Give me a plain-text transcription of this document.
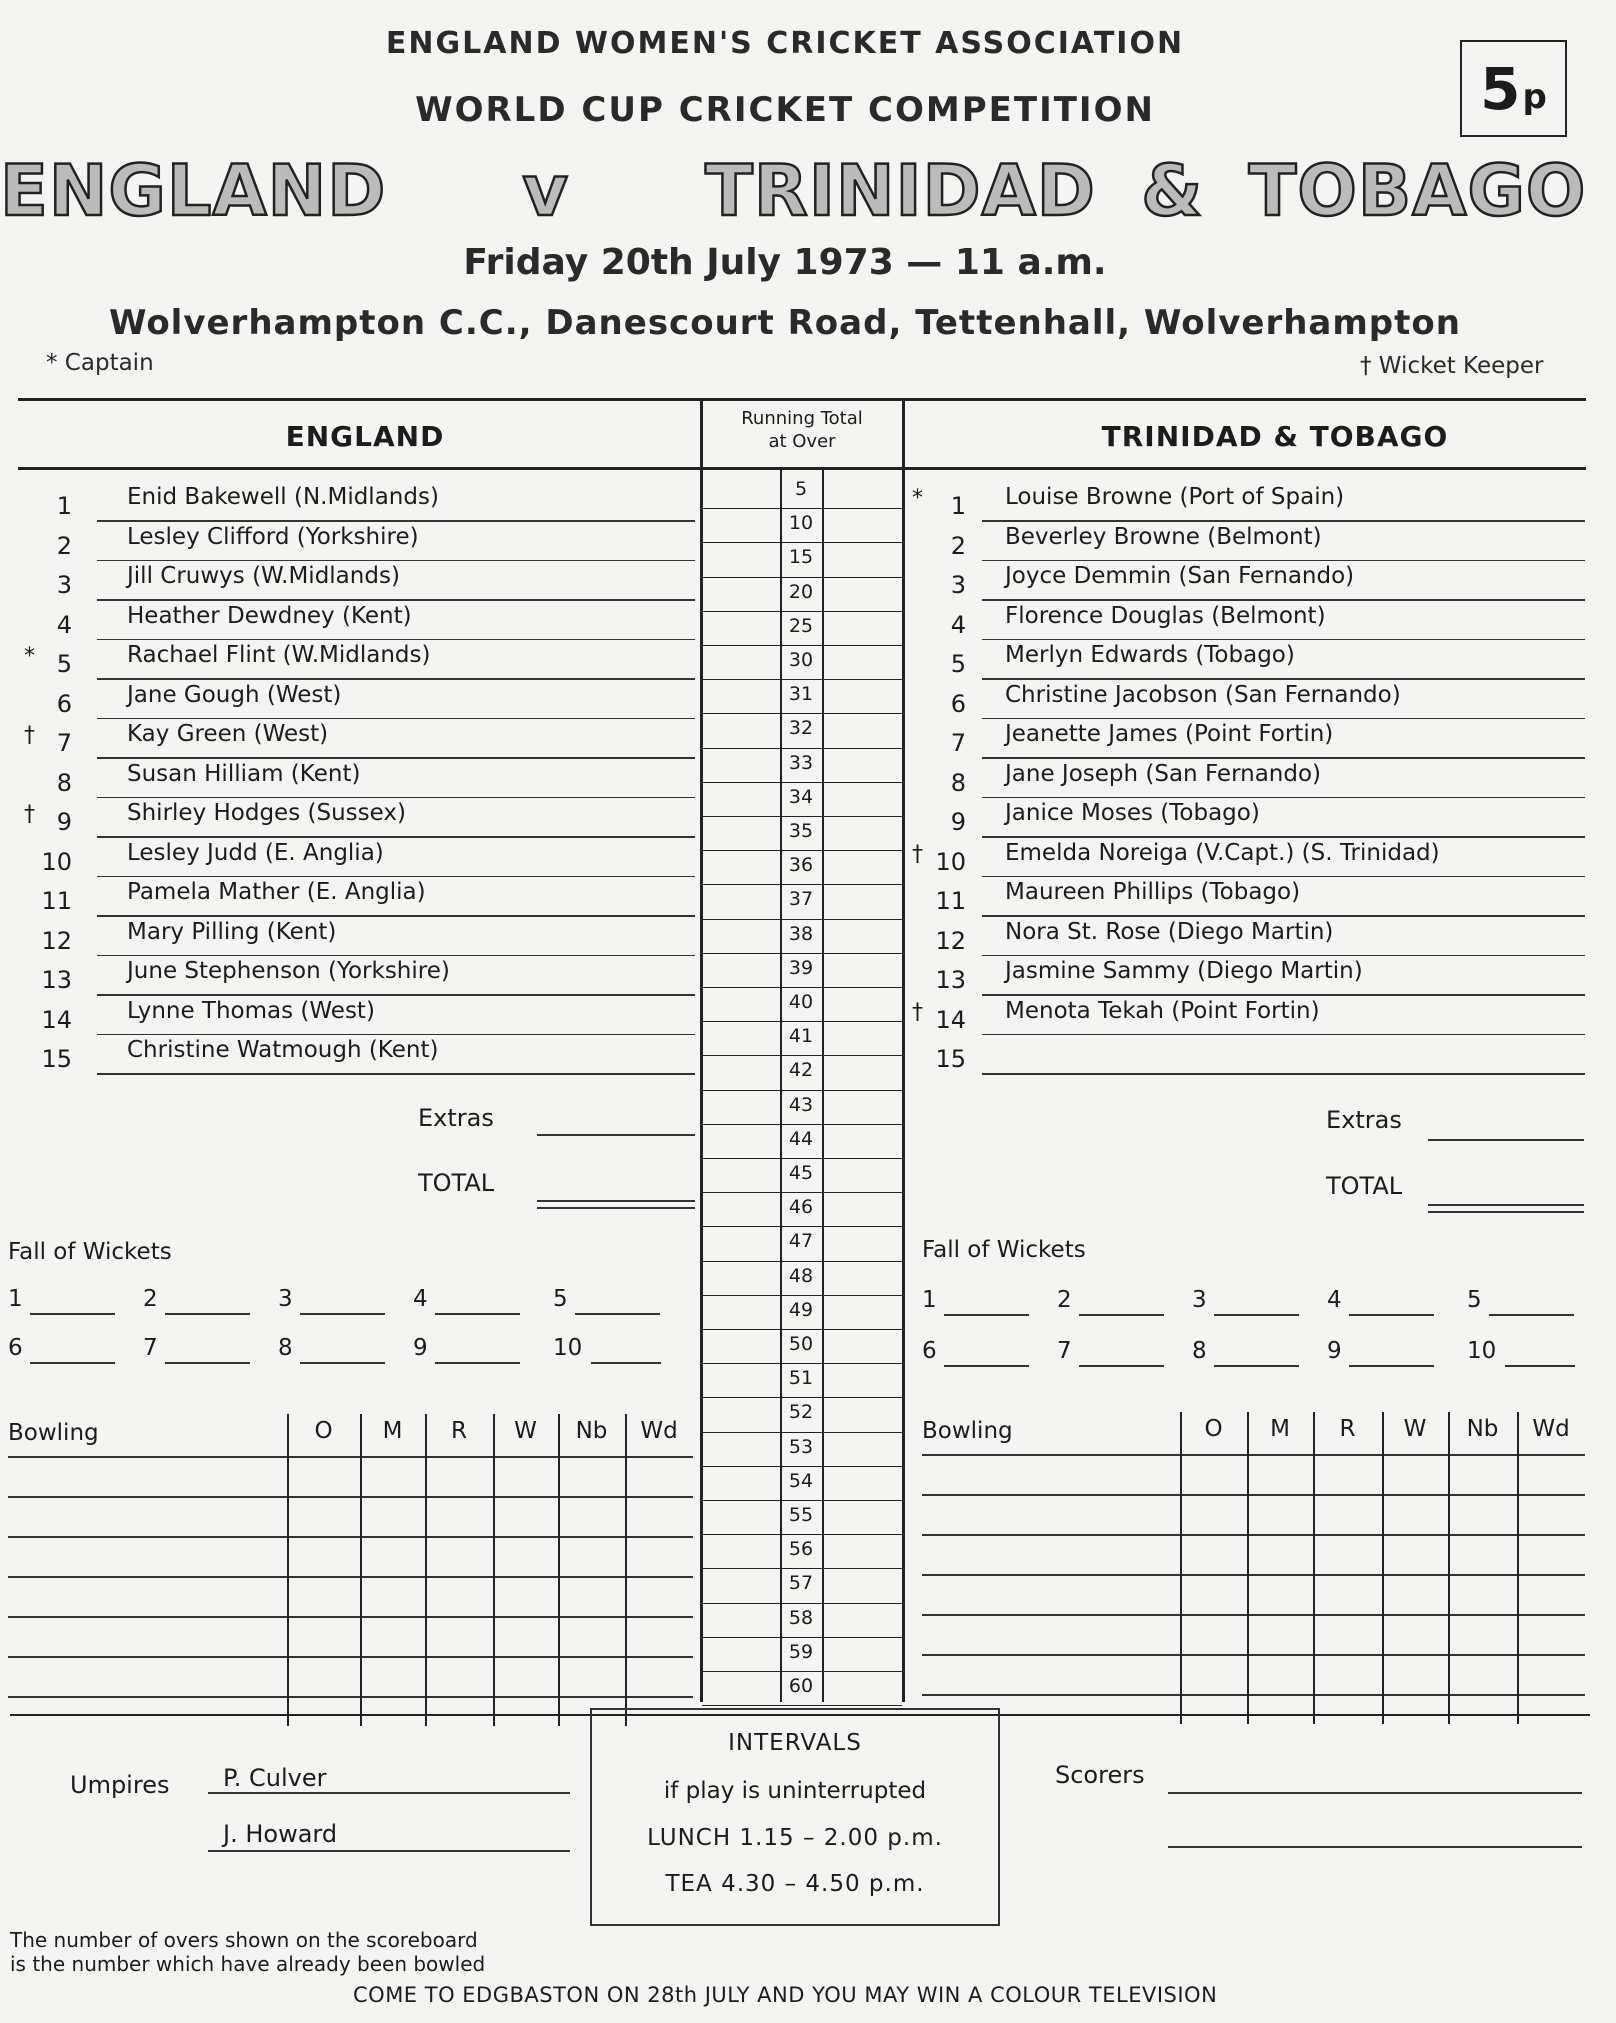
ENGLAND WOMEN'S CRICKET ASSOCIATION
WORLD CUP CRICKET COMPETITION
ENGLAND   v   TRINIDAD & TOBAGO
Friday 20th July 1973 — 11 a.m.
Wolverhampton C.C., Danescourt Road, Tettenhall, Wolverhampton
5 p
* Captain	† Wicket Keeper
ENGLAND
Running Total
at Over	TRINIDAD & TOBAGO
1 Enid Bakewell (N.Midlands)
2 Lesley Clifford (Yorkshire)
3 Jill Cruwys (W.Midlands)
4 Heather Dewdney (Kent)
* 5 Rachael Flint (W.Midlands)
6 Jane Gough (West)
† 7 Kay Green (West)
8 Susan Hilliam (Kent)
† 9 Shirley Hodges (Sussex)
10 Lesley Judd (E. Anglia)
11 Pamela Mather (E. Anglia)
12 Mary Pilling (Kent)
13 June Stephenson (Yorkshire)
14 Lynne Thomas (West)
15 Christine Watmough (Kent)
*	1 Louise Browne (Port of Spain)
2 Beverley Browne (Belmont)
3 Joyce Demmin (San Fernando)
4 Florence Douglas (Belmont)
5 Merlyn Edwards (Tobago)
6 Christine Jacobson (San Fernando)
7 Jeanette James (Point Fortin)
8 Jane Joseph (San Fernando)
9 Janice Moses (Tobago)
† 10 Emelda Noreiga (V.Capt.) (S. Trinidad)
11 Maureen Phillips (Tobago)
12 Nora St. Rose (Diego Martin)
13 Jasmine Sammy (Diego Martin)
† 14 Menota Tekah (Point Fortin)
15
5
10
15
20
25
30
31
32
33
34
35
36
37
38
39
40
41
42
43
44
45
46
47
48
49
50
51
52
53
54
55
56
57
58
59
60
Extras
TOTAL
Extras
TOTAL
Fall of Wickets	Fall of Wickets
1	2	3	4	5
6	7	8	9	10
1	2	3	4	5
6	7	8	9	10
Bowling	O	M	R	W	Nb	Wd	Bowling	O	M	R	W	Nb	Wd
Umpires P. Culver
J. Howard
Scorers
INTERVALS
if play is uninterrupted
LUNCH 1.15 – 2.00 p.m.
TEA 4.30 – 4.50 p.m.
The number of overs shown on the scoreboard
is the number which have already been bowled
COME TO EDGBASTON ON 28th JULY AND YOU MAY WIN A COLOUR TELEVISION
